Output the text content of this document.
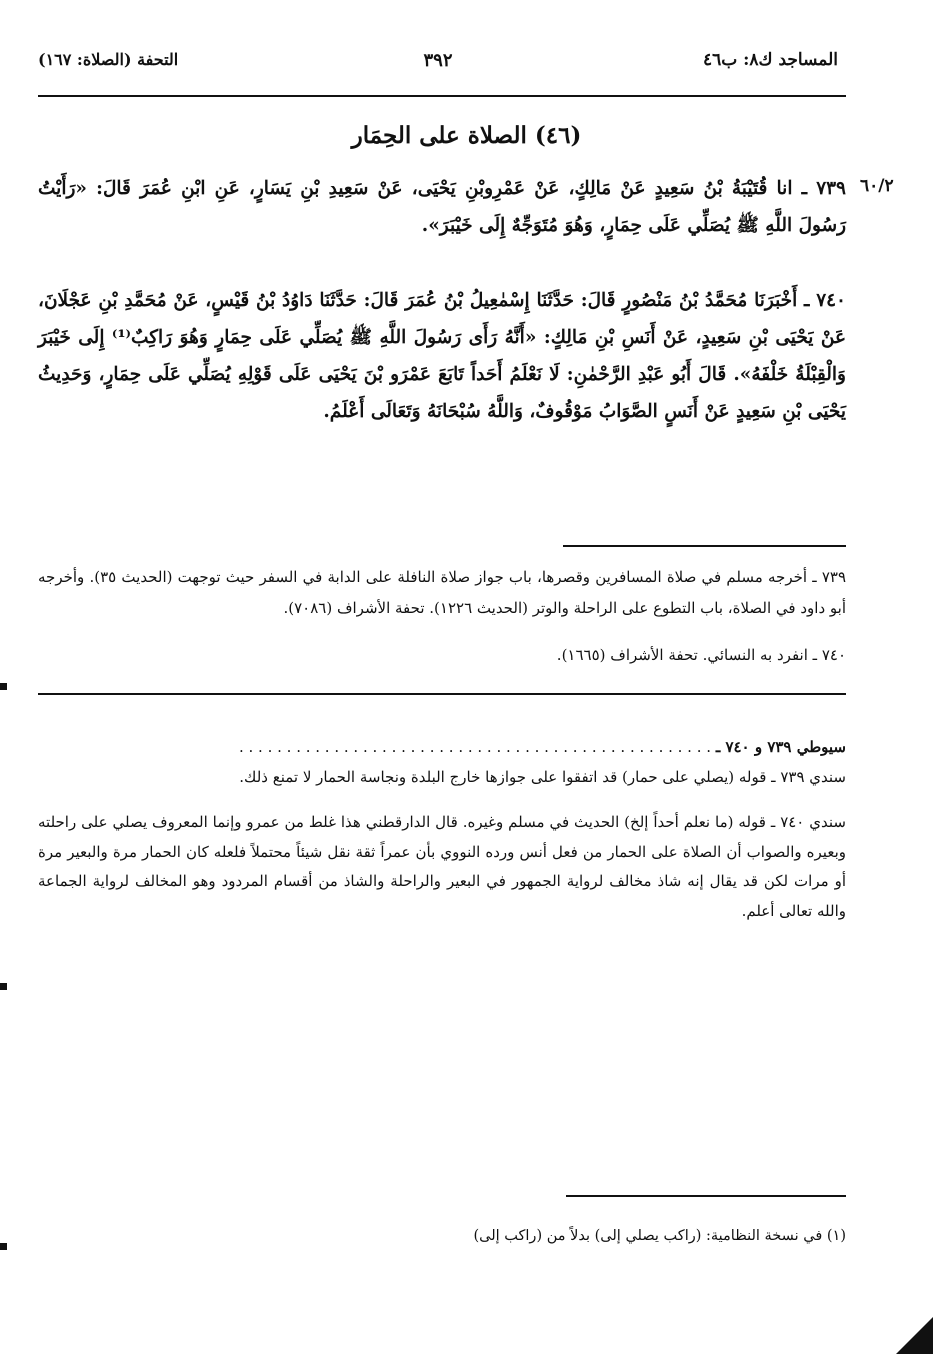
المساجد ك٨: ب٤٦
٣٩٢
التحفة (الصلاة: ١٦٧)
(٤٦) الصلاة على الحِمَار
٦٠/٢
٧٣٩ ـ انا قُتَيْبَةُ بْنُ سَعِيدٍ عَنْ مَالِكٍ، عَنْ عَمْرِوبْنِ يَحْيَى، عَنْ سَعِيدِ بْنِ يَسَارٍ، عَنِ ابْنِ عُمَرَ قَالَ: «رَأَيْتُ رَسُولَ اللَّهِ ﷺ يُصَلِّي عَلَى حِمَارٍ، وَهُوَ مُتَوَجِّهٌ إِلَى خَيْبَرَ».
٧٤٠ ـ أَخْبَرَنَا مُحَمَّدُ بْنُ مَنْصُورٍ قَالَ: حَدَّثَنَا إِسْمٰعِيلُ بْنُ عُمَرَ قَالَ: حَدَّثَنَا دَاوُدُ بْنُ قَيْسٍ، عَنْ مُحَمَّدِ بْنِ عَجْلَانَ، عَنْ يَحْيَى بْنِ سَعِيدٍ، عَنْ أَنَسِ بْنِ مَالِكٍ: «أَنَّهُ رَأَى رَسُولَ اللَّهِ ﷺ يُصَلِّي عَلَى حِمَارٍ وَهُوَ رَاكِبٌ⁽¹⁾ إِلَى خَيْبَرَ وَالْقِبْلَةُ خَلْفَهُ». قَالَ أَبُو عَبْدِ الرَّحْمٰنِ: لَا نَعْلَمُ أَحَداً تَابَعَ عَمْرَو بْنَ يَحْيَى عَلَى قَوْلِهِ يُصَلِّي عَلَى حِمَارٍ، وَحَدِيثُ يَحْيَى بْنِ سَعِيدٍ عَنْ أَنَسٍ الصَّوَابُ مَوْقُوفٌ، وَاللَّهُ سُبْحَانَهُ وَتَعَالَى أَعْلَمُ.
٧٣٩ ـ أخرجه مسلم في صلاة المسافرين وقصرها، باب جواز صلاة النافلة على الدابة في السفر حيث توجهت (الحديث ٣٥). وأخرجه أبو داود في الصلاة، باب التطوع على الراحلة والوتر (الحديث ١٢٢٦). تحفة الأشراف (٧٠٨٦).
٧٤٠ ـ انفرد به النسائي. تحفة الأشراف (١٦٦٥).
سيوطي ٧٣٩ و ٧٤٠ ـ . . . . . . . . . . . . . . . . . . . . . . . . . . . . . . . . . . . . . . . . . . . . . . . . . .
سندي ٧٣٩ ـ قوله (يصلي على حمار) قد اتفقوا على جوازها خارج البلدة ونجاسة الحمار لا تمنع ذلك.
سندي ٧٤٠ ـ قوله (ما نعلم أحداً إلخ) الحديث في مسلم وغيره. قال الدارقطني هذا غلط من عمرو وإنما المعروف يصلي على راحلته وبعيره والصواب أن الصلاة على الحمار من فعل أنس ورده النووي بأن عمراً ثقة نقل شيئاً محتملاً فلعله كان الحمار مرة والبعير مرة أو مرات لكن قد يقال إنه شاذ مخالف لرواية الجمهور في البعير والراحلة والشاذ من أقسام المردود وهو المخالف لرواية الجماعة والله تعالى أعلم.
(١) في نسخة النظامية: (راكب يصلي إلى) بدلاً من (راكب إلى)
